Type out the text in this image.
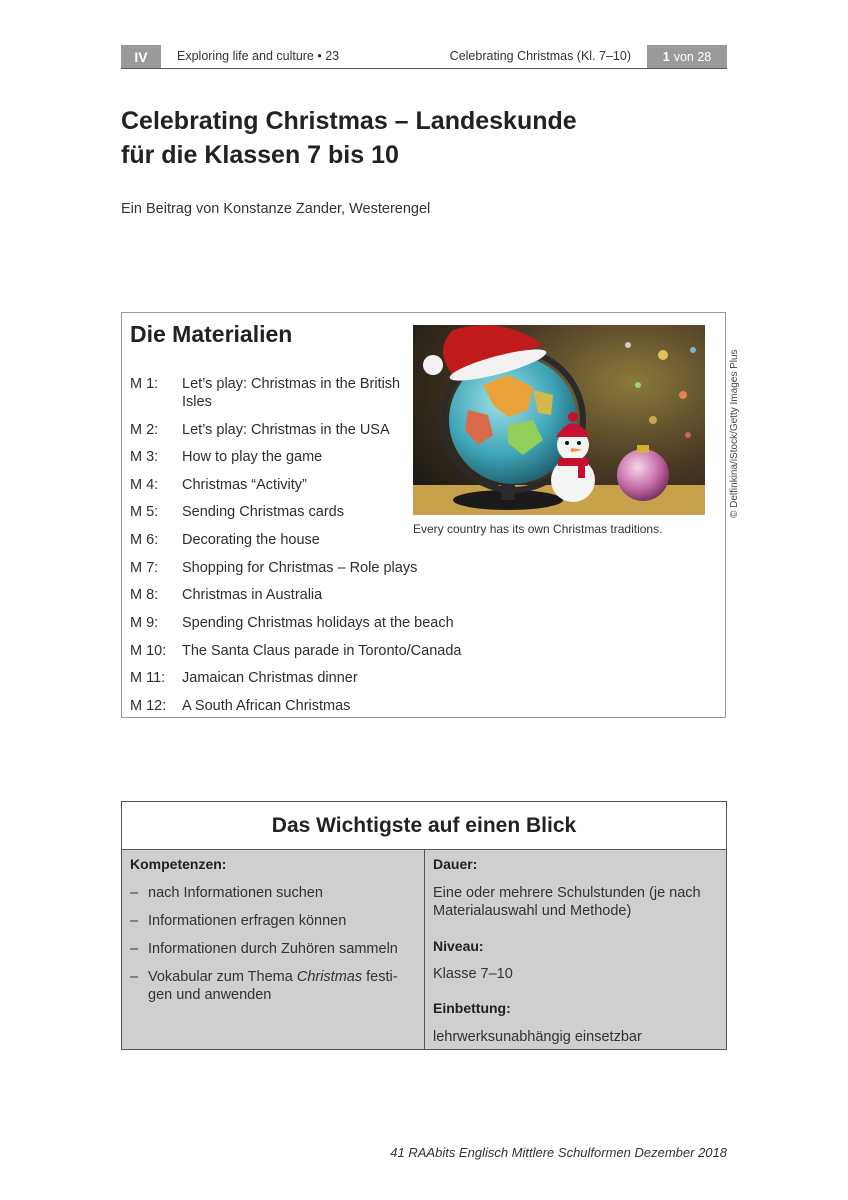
IV	Exploring life and culture • 23	Celebrating Christmas (Kl. 7–10)	1 von 28
Celebrating Christmas – Landeskunde
für die Klassen 7 bis 10
Ein Beitrag von Konstanze Zander, Westerengel
Die Materialien
M 1:	Let’s play: Christmas in the British Isles
M 2:	Let’s play: Christmas in the USA
M 3:	How to play the game
M 4:	Christmas “Activity”
M 5:	Sending Christmas cards
M 6:	Decorating the house
M 7:	Shopping for Christmas – Role plays
M 8:	Christmas in Australia
M 9:	Spending Christmas holidays at the beach
M 10:	The Santa Claus parade in Toronto/Canada
M 11:	Jamaican Christmas dinner
M 12:	A South African Christmas
Every country has its own Christmas traditions.
© Delfinkina/iStock/Getty Images Plus
Das Wichtigste auf einen Blick
Kompetenzen:
– nach Informationen suchen
– Informationen erfragen können
– Informationen durch Zuhören sammeln
– Vokabular zum Thema Christmas festi-
gen und anwenden
Dauer:
Eine oder mehrere Schulstunden (je nach
Materialauswahl und Methode)
Niveau:
Klasse 7–10
Einbettung:
lehrwerksunabhängig einsetzbar
41 RAAbits Englisch Mittlere Schulformen Dezember 2018
